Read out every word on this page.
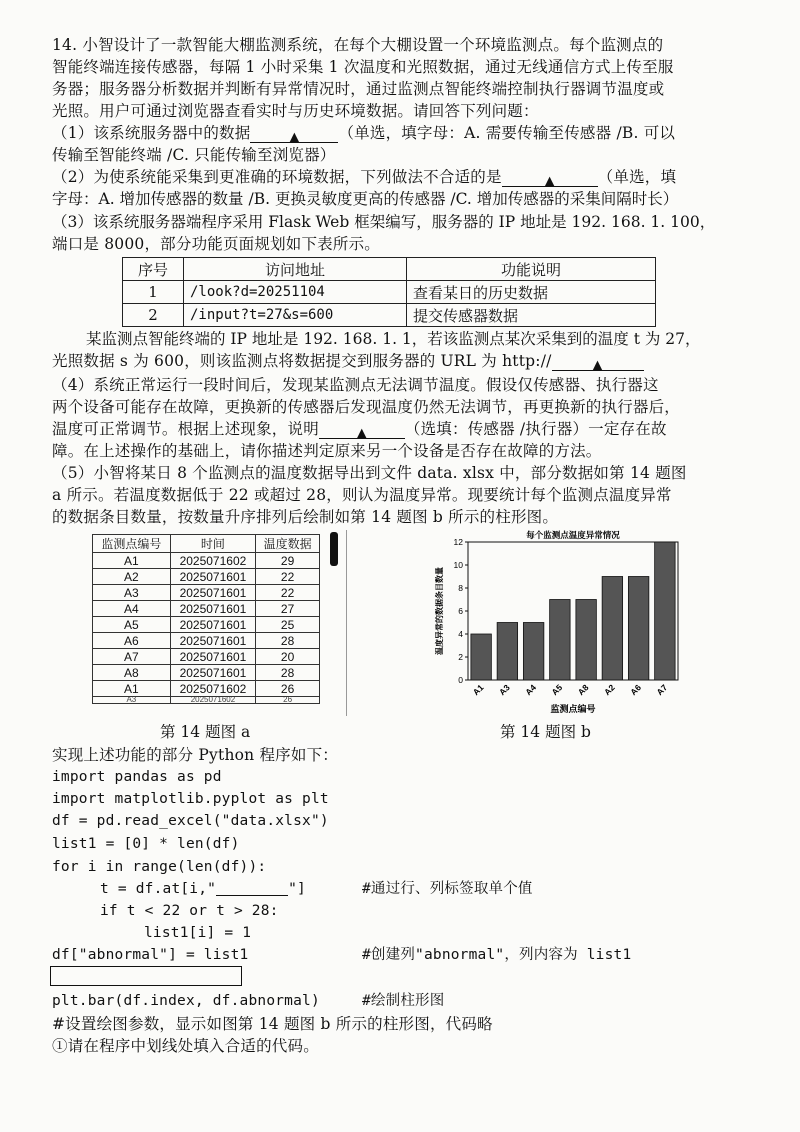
14. 小智设计了一款智能大棚监测系统，在每个大棚设置一个环境监测点。每个监测点的
智能终端连接传感器，每隔 1 小时采集 1 次温度和光照数据，通过无线通信方式上传至服
务器；服务器分析数据并判断有异常情况时，通过监测点智能终端控制执行器调节温度或
光照。用户可通过浏览器查看实时与历史环境数据。请回答下列问题：
（1）该系统服务器中的数据	▲	（单选，填字母：A. 需要传输至传感器 /B. 可以
传输至智能终端 /C. 只能传输至浏览器）
（2）为使系统能采集到更准确的环境数据，下列做法不合适的是	▲	（单选，填
字母：A. 增加传感器的数量 /B. 更换灵敏度更高的传感器 /C. 增加传感器的采集间隔时长）
（3）该系统服务器端程序采用 Flask Web 框架编写，服务器的 IP 地址是 192. 168. 1. 100，
端口是 8000，部分功能页面规划如下表所示。
序号	访问地址	功能说明
1	/look?d=20251104	查看某日的历史数据
2	/input?t=27&s=600	提交传感器数据
某监测点智能终端的 IP 地址是 192. 168. 1. 1，若该监测点某次采集到的温度 t 为 27，
光照数据 s 为 600，则该监测点将数据提交到服务器的 URL 为 http://	▲
（4）系统正常运行一段时间后，发现某监测点无法调节温度。假设仅传感器、执行器这
两个设备可能存在故障，更换新的传感器后发现温度仍然无法调节，再更换新的执行器后，
温度可正常调节。根据上述现象，说明	▲ （选填：传感器 /执行器）一定存在故
障。在上述操作的基础上，请你描述判定原来另一个设备是否存在故障的方法。
（5）小智将某日 8 个监测点的温度数据导出到文件 data. xlsx 中，部分数据如第 14 题图
a 所示。若温度数据低于 22 或超过 28，则认为温度异常。现要统计每个监测点温度异常
的数据条目数量，按数量升序排列后绘制如第 14 题图 b 所示的柱形图。
监测点编号	时间	温度数据
A1	2025071602	29
A2	2025071601	22
A3	2025071601	22
A4	2025071601	27
A5	2025071601	25
A6	2025071601	28
A7	2025071601	20
A8	2025071601	28
A1	2025071602	26
A3	2025071602	26
第 14 题图 a
每个监测点温度异常情况
0
2
4
6
8
10
12
A1 A3 A4 A5 A8 A2 A6 A7
监测点编号
温度异常的数据条目数量
第 14 题图 b
实现上述功能的部分 Python 程序如下：
import pandas as pd
import matplotlib.pyplot as plt
df = pd.read_excel("data.xlsx")
list1 = [0] * len(df)
for i in range(len(df)):
t = df.at[i,"	"]	#通过行、列标签取单个值
if t < 22 or t > 28:
list1[i] = 1
df["abnormal"] = list1	#创建列"abnormal"，列内容为 list1
plt.bar(df.index, df.abnormal)	#绘制柱形图
#设置绘图参数，显示如图第 14 题图 b 所示的柱形图，代码略
①请在程序中划线处填入合适的代码。
